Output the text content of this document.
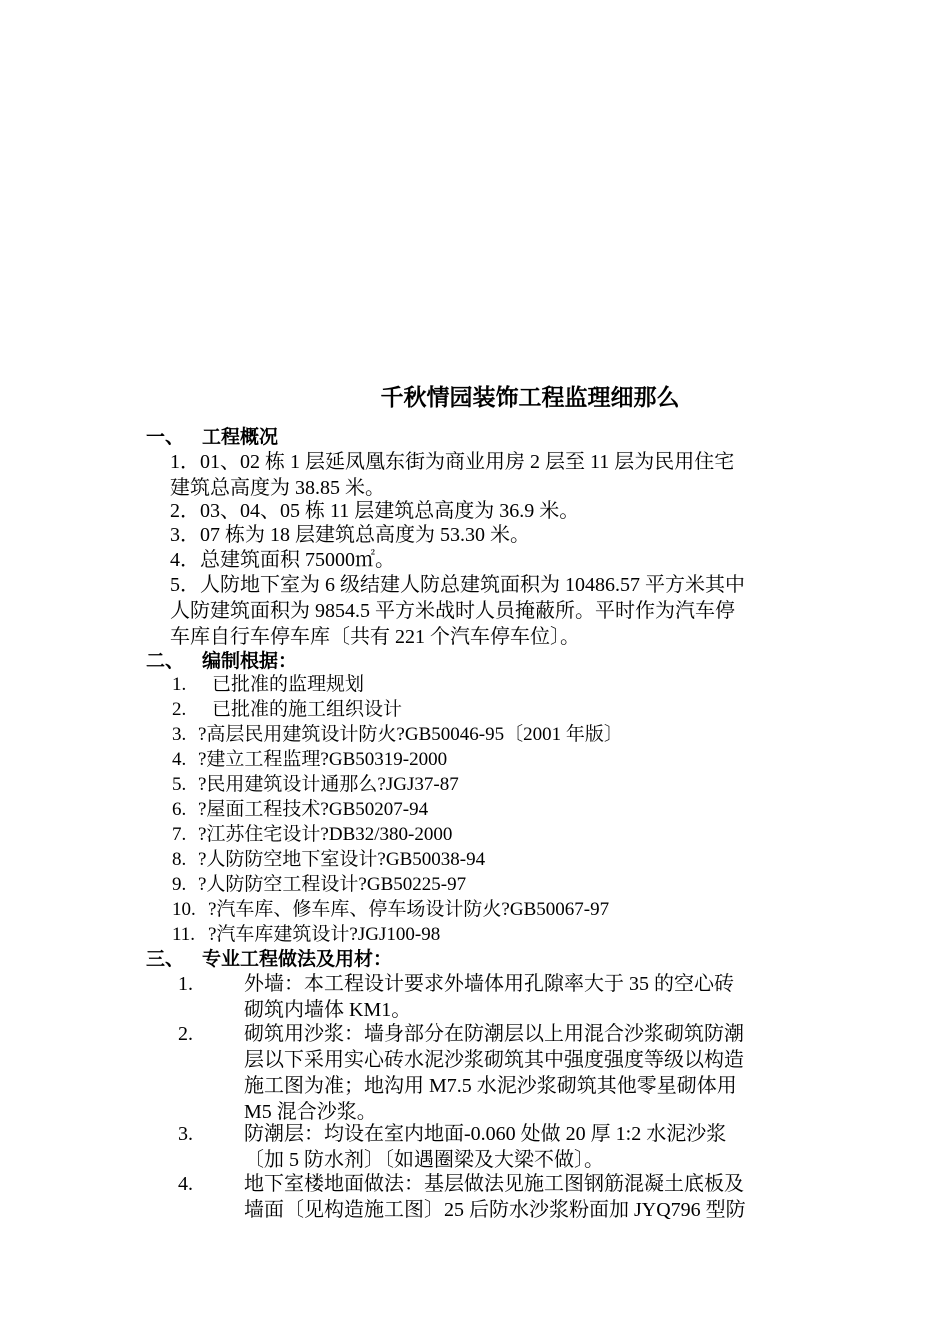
千秋情园装饰工程监理细那么
一、 工程概况
1．01、02 栋 1 层延凤凰东街为商业用房 2 层至 11 层为民用住宅
建筑总高度为 38.85 米。
2．03、04、05 栋 11 层建筑总高度为 36.9 米。
3．07 栋为 18 层建筑总高度为 53.30 米。
4．总建筑面积 75000㎡。
5．人防地下室为 6 级结建人防总建筑面积为 10486.57 平方米其中
人防建筑面积为 9854.5 平方米战时人员掩蔽所。平时作为汽车停
车库自行车停车库〔共有 221 个汽车停车位〕。
二、 编制根据：
1. 已批准的监理规划
2. 已批准的施工组织设计
3. ?高层民用建筑设计防火?GB50046-95〔2001 年版〕
4. ?建立工程监理?GB50319-2000
5. ?民用建筑设计通那么?JGJ37-87
6. ?屋面工程技术?GB50207-94
7. ?江苏住宅设计?DB32/380-2000
8. ?人防防空地下室设计?GB50038-94
9. ?人防防空工程设计?GB50225-97
10. ?汽车库、修车库、停车场设计防火?GB50067-97
11. ?汽车库建筑设计?JGJ100-98
三、 专业工程做法及用材：
1.	外墙：本工程设计要求外墙体用孔隙率大于 35 的空心砖
砌筑内墙体 KM1。
2.	砌筑用沙浆：墙身部分在防潮层以上用混合沙浆砌筑防潮
层以下采用实心砖水泥沙浆砌筑其中强度强度等级以构造
施工图为准；地沟用 M7.5 水泥沙浆砌筑其他零星砌体用
M5 混合沙浆。
3.	防潮层：均设在室内地面-0.060 处做 20 厚 1:2 水泥沙浆
〔加 5 防水剂〕〔如遇圈梁及大梁不做〕。
4.	地下室楼地面做法：基层做法见施工图钢筋混凝土底板及
墙面〔见构造施工图〕25 后防水沙浆粉面加 JYQ796 型防
